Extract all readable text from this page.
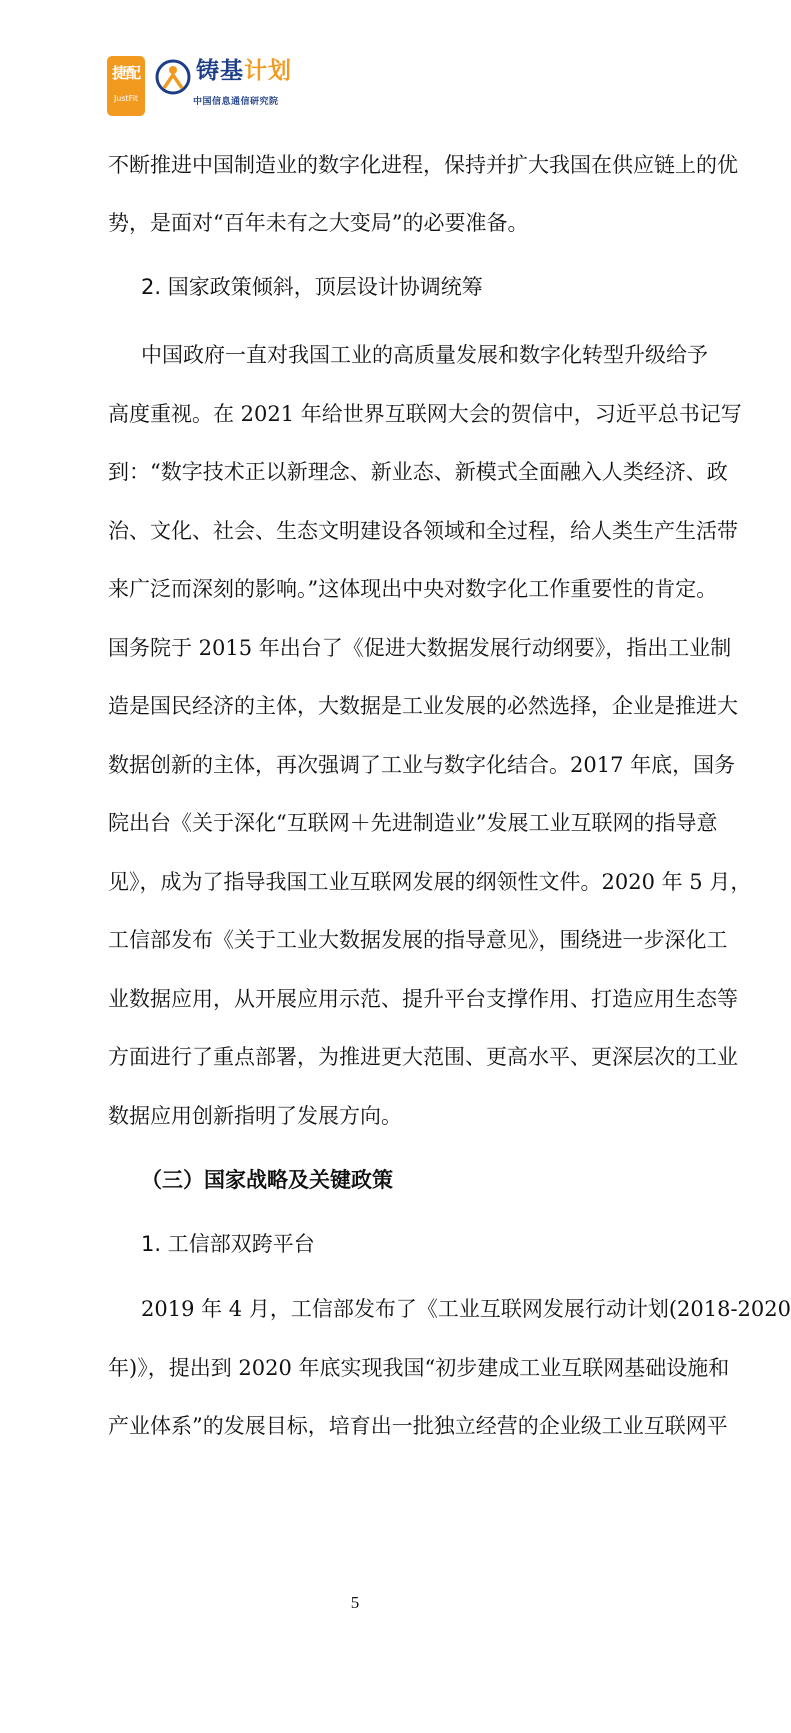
捷配
JustFit
铸基计划
中国信息通信研究院

不断推进中国制造业的数字化进程，保持并扩大我国在供应链上的优

势，是面对“百年未有之大变局”的必要准备。

2. 国家政策倾斜，顶层设计协调统筹

中国政府一直对我国工业的高质量发展和数字化转型升级给予

高度重视。在 2021 年给世界互联网大会的贺信中，习近平总书记写

到：“数字技术正以新理念、新业态、新模式全面融入人类经济、政

治、文化、社会、生态文明建设各领域和全过程，给人类生产生活带

来广泛而深刻的影响。”这体现出中央对数字化工作重要性的肯定。

国务院于 2015 年出台了《促进大数据发展行动纲要》，指出工业制

造是国民经济的主体，大数据是工业发展的必然选择，企业是推进大

数据创新的主体，再次强调了工业与数字化结合。2017 年底，国务

院出台《关于深化“互联网＋先进制造业”发展工业互联网的指导意

见》，成为了指导我国工业互联网发展的纲领性文件。2020 年 5 月，

工信部发布《关于工业大数据发展的指导意见》，围绕进一步深化工

业数据应用，从开展应用示范、提升平台支撑作用、打造应用生态等

方面进行了重点部署，为推进更大范围、更高水平、更深层次的工业

数据应用创新指明了发展方向。

（三）国家战略及关键政策

1. 工信部双跨平台

2019 年 4 月，工信部发布了《工业互联网发展行动计划(2018-2020

年)》，提出到 2020 年底实现我国“初步建成工业互联网基础设施和

产业体系”的发展目标，培育出一批独立经营的企业级工业互联网平

5
